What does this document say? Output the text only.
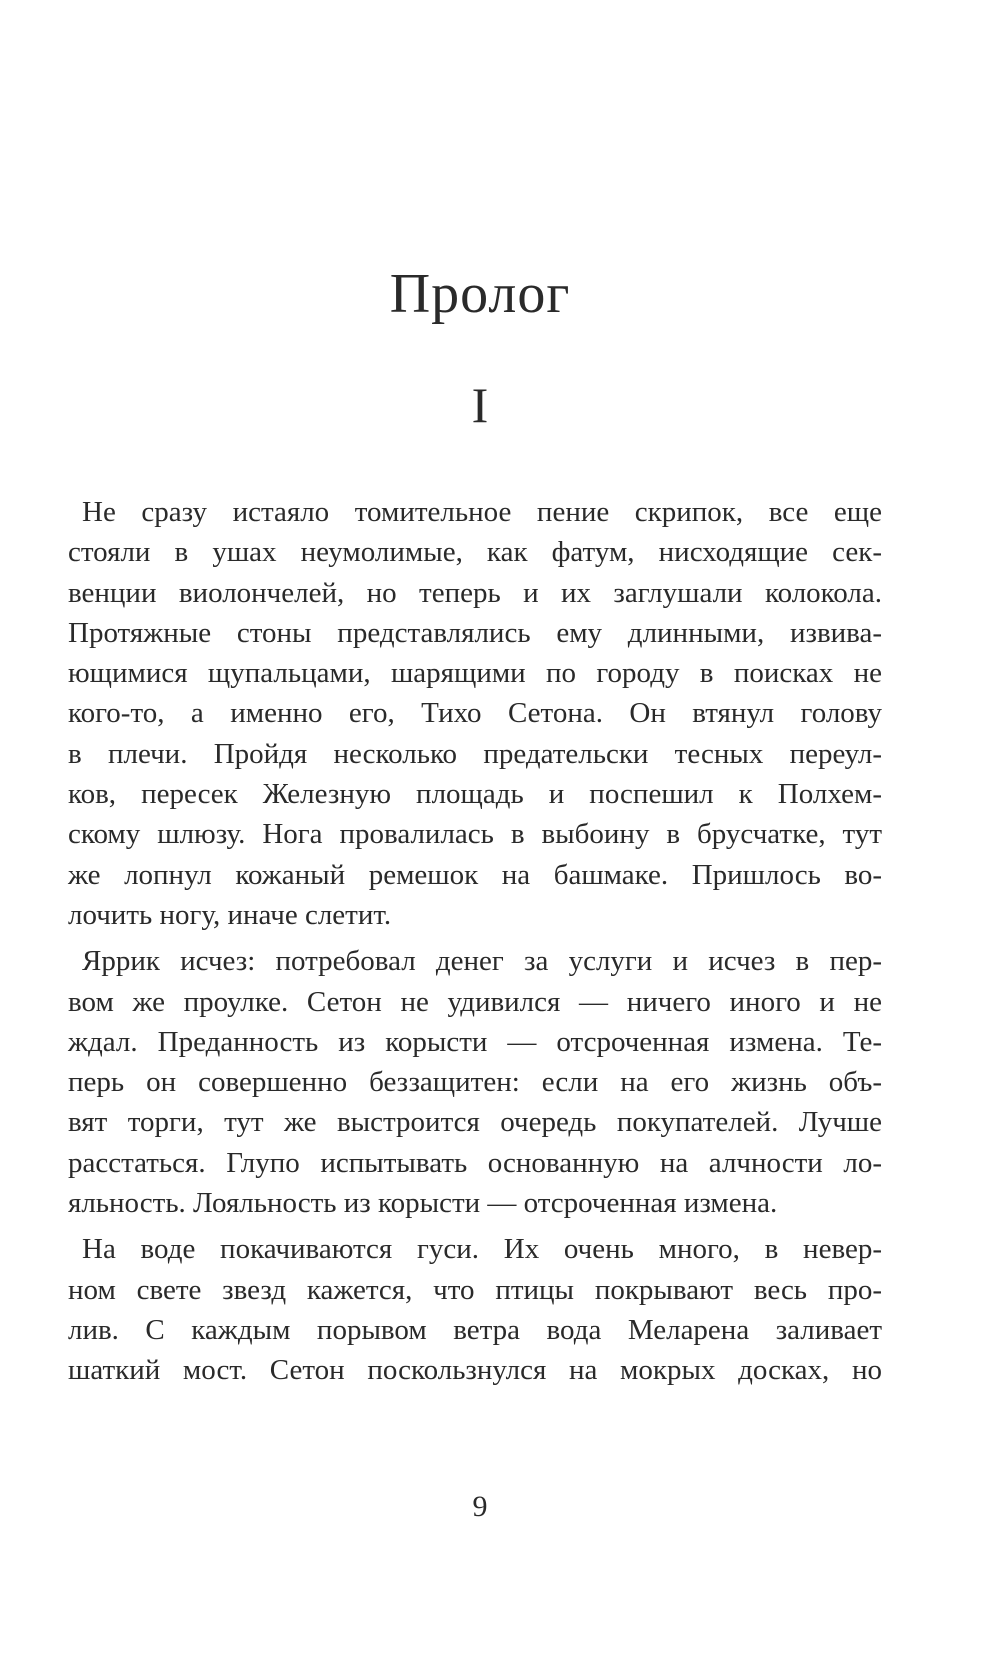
Пролог
I

Не сразу истаяло томительное пение скрипок, все еще
стояли в ушах неумолимые, как фатум, нисходящие сек-
венции виолончелей, но теперь и их заглушали колокола.
Протяжные стоны представлялись ему длинными, извива-
ющимися щупальцами, шарящими по городу в поисках не
кого-то, а именно его, Тихо Сетона. Он втянул голову
в плечи. Пройдя несколько предательски тесных переул-
ков, пересек Железную площадь и поспешил к Полхем-
скому шлюзу. Нога провалилась в выбоину в брусчатке, тут
же лопнул кожаный ремешок на башмаке. Пришлось во-
лочить ногу, иначе слетит.

Яррик исчез: потребовал денег за услуги и исчез в пер-
вом же проулке. Сетон не удивился — ничего иного и не
ждал. Преданность из корысти — отсроченная измена. Те-
перь он совершенно беззащитен: если на его жизнь объ-
вят торги, тут же выстроится очередь покупателей. Лучше
расстаться. Глупо испытывать основанную на алчности ло-
яльность. Лояльность из корысти — отсроченная измена.

На воде покачиваются гуси. Их очень много, в невер-
ном свете звезд кажется, что птицы покрывают весь про-
лив. С каждым порывом ветра вода Меларена заливает
шаткий мост. Сетон поскользнулся на мокрых досках, но

9
